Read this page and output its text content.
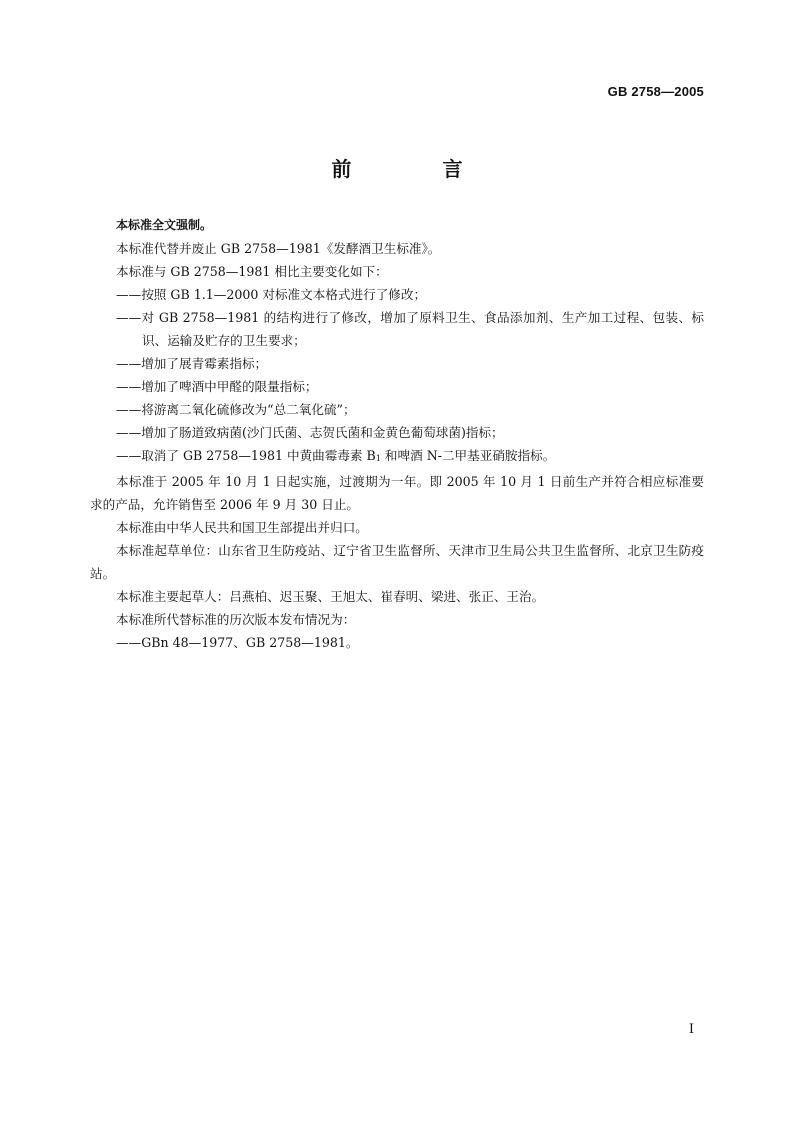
GB 2758—2005
前 言

本标准全文强制。

本标准代替并废止 GB 2758—1981《发酵酒卫生标准》。

本标准与 GB 2758—1981 相比主要变化如下：

——按照 GB 1.1—2000 对标准文本格式进行了修改；

——对 GB 2758—1981 的结构进行了修改，增加了原料卫生、食品添加剂、生产加工过程、包装、标识、运输及贮存的卫生要求；

——增加了展青霉素指标；

——增加了啤酒中甲醛的限量指标；

——将游离二氧化硫修改为“总二氧化硫”；

——增加了肠道致病菌(沙门氏菌、志贺氏菌和金黄色葡萄球菌)指标；

——取消了 GB 2758—1981 中黄曲霉毒素 $B_1$ 和啤酒 N-二甲基亚硝胺指标。

本标准于 2005 年 10 月 1 日起实施，过渡期为一年。即 2005 年 10 月 1 日前生产并符合相应标准要求的产品，允许销售至 2006 年 9 月 30 日止。

本标准由中华人民共和国卫生部提出并归口。

本标准起草单位：山东省卫生防疫站、辽宁省卫生监督所、天津市卫生局公共卫生监督所、北京卫生防疫站。

本标准主要起草人：吕燕柏、迟玉聚、王旭太、崔春明、梁进、张正、王治。

本标准所代替标准的历次版本发布情况为：

——GBn 48—1977、GB 2758—1981。

I
